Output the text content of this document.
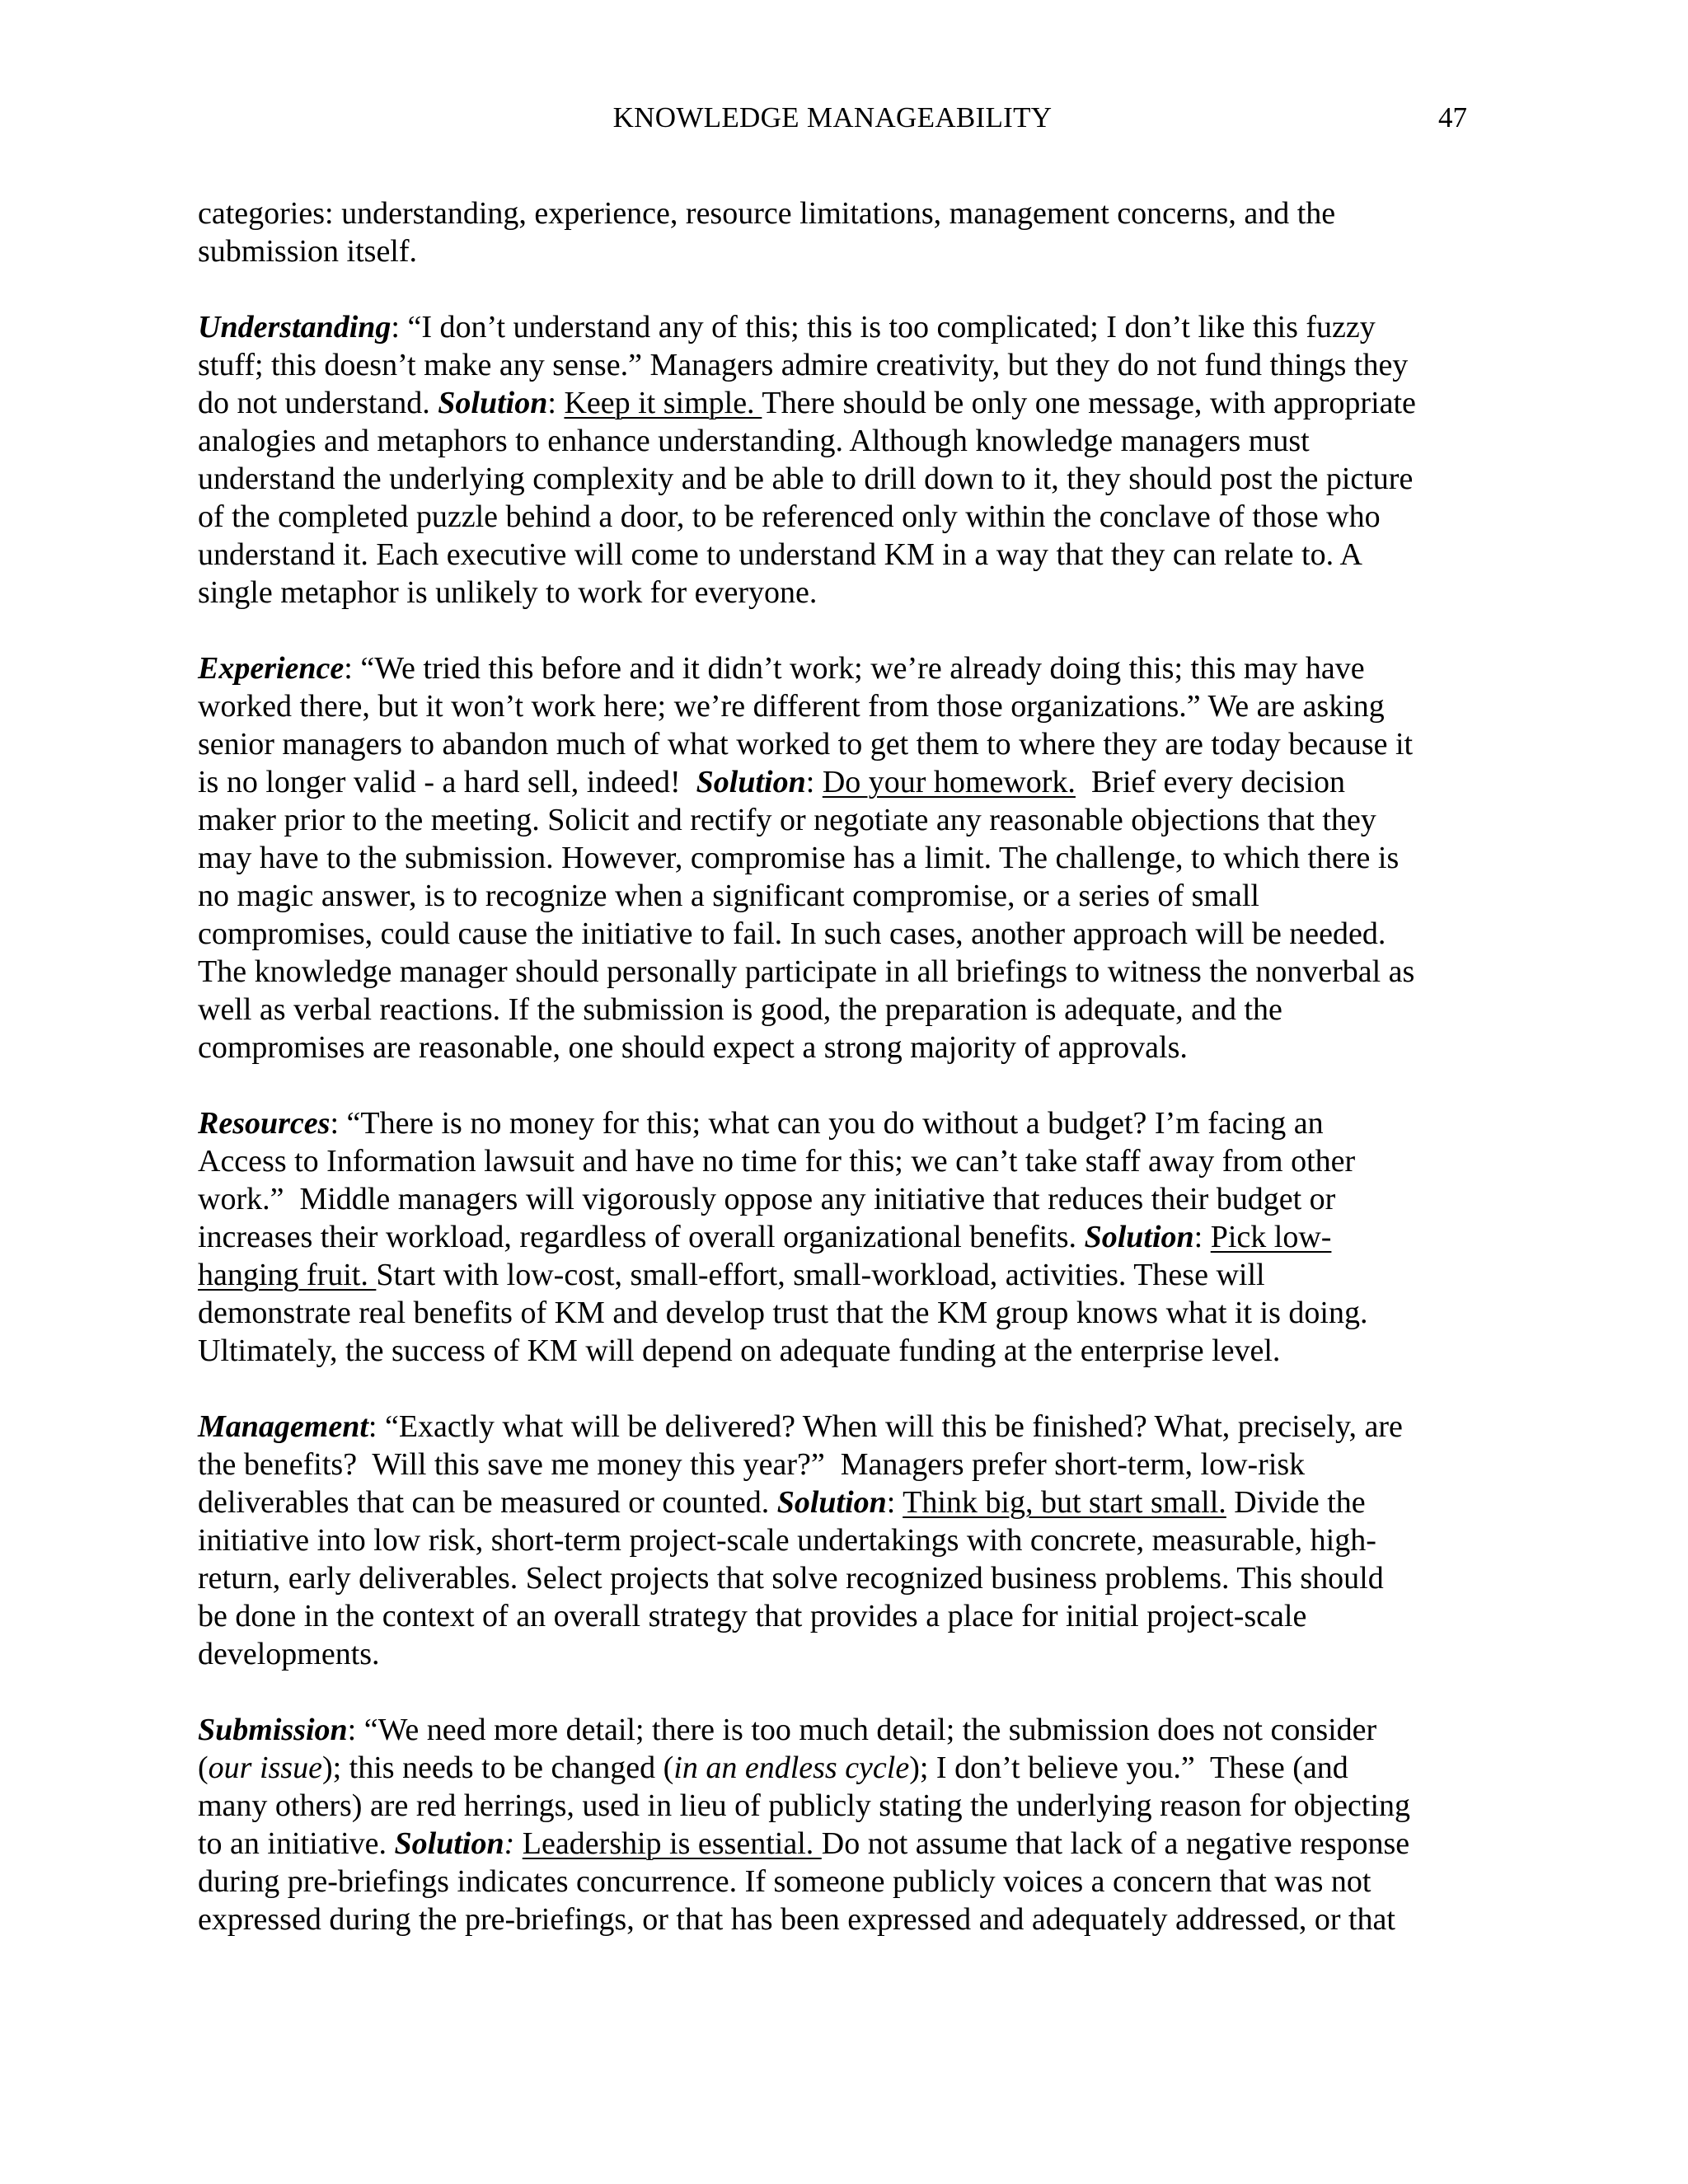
KNOWLEDGE MANAGEABILITY	47

categories: understanding, experience, resource limitations, management concerns, and the
submission itself.

Understanding: “I don’t understand any of this; this is too complicated; I don’t like this fuzzy
stuff; this doesn’t make any sense.” Managers admire creativity, but they do not fund things they
do not understand. Solution: Keep it simple. There should be only one message, with appropriate
analogies and metaphors to enhance understanding. Although knowledge managers must
understand the underlying complexity and be able to drill down to it, they should post the picture
of the completed puzzle behind a door, to be referenced only within the conclave of those who
understand it. Each executive will come to understand KM in a way that they can relate to. A
single metaphor is unlikely to work for everyone.

Experience: “We tried this before and it didn’t work; we’re already doing this; this may have
worked there, but it won’t work here; we’re different from those organizations.” We are asking
senior managers to abandon much of what worked to get them to where they are today because it
is no longer valid - a hard sell, indeed!  Solution: Do your homework.  Brief every decision
maker prior to the meeting. Solicit and rectify or negotiate any reasonable objections that they
may have to the submission. However, compromise has a limit. The challenge, to which there is
no magic answer, is to recognize when a significant compromise, or a series of small
compromises, could cause the initiative to fail. In such cases, another approach will be needed.
The knowledge manager should personally participate in all briefings to witness the nonverbal as
well as verbal reactions. If the submission is good, the preparation is adequate, and the
compromises are reasonable, one should expect a strong majority of approvals.

Resources: “There is no money for this; what can you do without a budget? I’m facing an
Access to Information lawsuit and have no time for this; we can’t take staff away from other
work.”  Middle managers will vigorously oppose any initiative that reduces their budget or
increases their workload, regardless of overall organizational benefits. Solution: Pick low-
hanging fruit. Start with low-cost, small-effort, small-workload, activities. These will
demonstrate real benefits of KM and develop trust that the KM group knows what it is doing.
Ultimately, the success of KM will depend on adequate funding at the enterprise level.

Management: “Exactly what will be delivered? When will this be finished? What, precisely, are
the benefits?  Will this save me money this year?”  Managers prefer short-term, low-risk
deliverables that can be measured or counted. Solution: Think big, but start small. Divide the
initiative into low risk, short-term project-scale undertakings with concrete, measurable, high-
return, early deliverables. Select projects that solve recognized business problems. This should
be done in the context of an overall strategy that provides a place for initial project-scale
developments.

Submission: “We need more detail; there is too much detail; the submission does not consider
(our issue); this needs to be changed (in an endless cycle); I don’t believe you.”  These (and
many others) are red herrings, used in lieu of publicly stating the underlying reason for objecting
to an initiative. Solution: Leadership is essential. Do not assume that lack of a negative response
during pre-briefings indicates concurrence. If someone publicly voices a concern that was not
expressed during the pre-briefings, or that has been expressed and adequately addressed, or that
